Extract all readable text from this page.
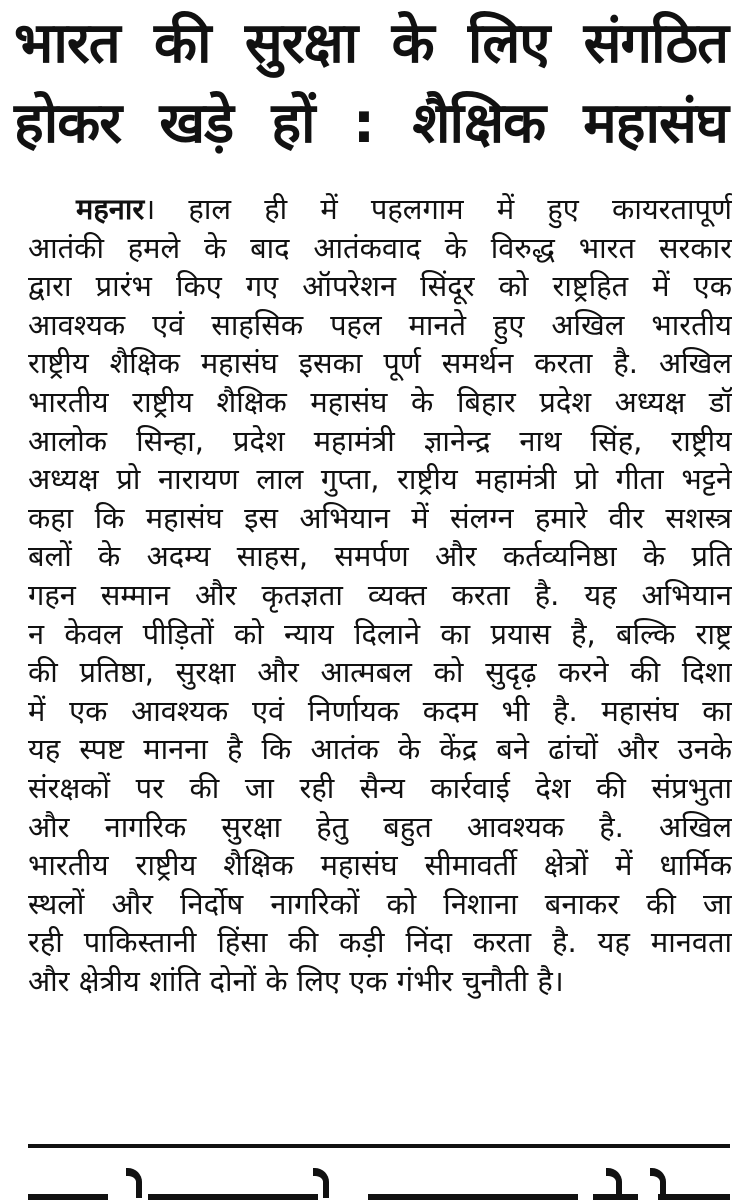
भारत की सुरक्षा के लिए संगठित
होकर खड़े हों : शैक्षिक महासंघ
महनार। हाल ही में पहलगाम में हुए कायरतापूर्ण
आतंकी हमले के बाद आतंकवाद के विरुद्ध भारत सरकार
द्वारा प्रारंभ किए गए ऑपरेशन सिंदूर को राष्ट्रहित में एक
आवश्यक एवं साहसिक पहल मानते हुए अखिल भारतीय
राष्ट्रीय शैक्षिक महासंघ इसका पूर्ण समर्थन करता है. अखिल
भारतीय राष्ट्रीय शैक्षिक महासंघ के बिहार प्रदेश अध्यक्ष डॉ
आलोक सिन्हा, प्रदेश महामंत्री ज्ञानेन्द्र नाथ सिंह, राष्ट्रीय
अध्यक्ष प्रो नारायण लाल गुप्ता, राष्ट्रीय महामंत्री प्रो गीता भट्टने
कहा कि महासंघ इस अभियान में संलग्न हमारे वीर सशस्त्र
बलों के अदम्य साहस, समर्पण और कर्तव्यनिष्ठा के प्रति
गहन सम्मान और कृतज्ञता व्यक्त करता है. यह अभियान
न केवल पीड़ितों को न्याय दिलाने का प्रयास है, बल्कि राष्ट्र
की प्रतिष्ठा, सुरक्षा और आत्मबल को सुदृढ़ करने की दिशा
में एक आवश्यक एवं निर्णायक कदम भी है. महासंघ का
यह स्पष्ट मानना है कि आतंक के केंद्र बने ढांचों और उनके
संरक्षकों पर की जा रही सैन्य कार्रवाई देश की संप्रभुता
और नागरिक सुरक्षा हेतु बहुत आवश्यक है. अखिल
भारतीय राष्ट्रीय शैक्षिक महासंघ सीमावर्ती क्षेत्रों में धार्मिक
स्थलों और निर्दोष नागरिकों को निशाना बनाकर की जा
रही पाकिस्तानी हिंसा की कड़ी निंदा करता है. यह मानवता
और क्षेत्रीय शांति दोनों के लिए एक गंभीर चुनौती है।
